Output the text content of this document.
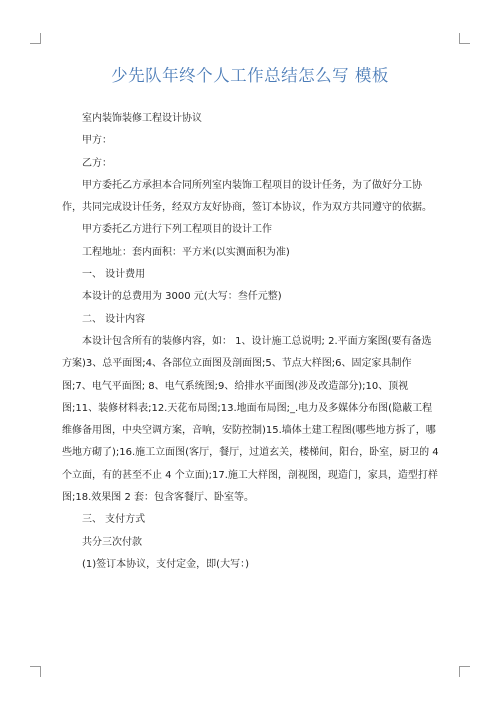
少先队年终个人工作总结怎么写 模板

室内装饰装修工程设计协议

甲方：

乙方：

甲方委托乙方承担本合同所列室内装饰工程项目的设计任务，为了做好分工协作，共同完成设计任务，经双方友好协商，签订本协议，作为双方共同遵守的依据。

甲方委托乙方进行下列工程项目的设计工作

工程地址：套内面积：平方米(以实测面积为准)

一、 设计费用

本设计的总费用为 3000 元(大写：叁仟元整)

二、 设计内容

本设计包含所有的装修内容，如： 1、设计施工总说明; 2.平面方案图(要有备选方案)3、总平面图;4、各部位立面图及剖面图;5、节点大样图;6、固定家具制作图;7、电气平面图; 8、电气系统图;9、给排水平面图(涉及改造部分);10、顶视图;11、装修材料表;12.天花布局图;13.地面布局图;_.电力及多媒体分布图(隐蔽工程维修备用图，中央空调方案，音响，安防控制)15.墙体土建工程图(哪些地方拆了，哪些地方砌了);16.施工立面图(客厅，餐厅，过道玄关，楼梯间，阳台，卧室，厨卫的 4 个立面，有的甚至不止 4 个立面);17.施工大样图，剖视图，现造门，家具，造型打样图;18.效果图 2 套：包含客餐厅、卧室等。

三、 支付方式

共分三次付款

(1)签订本协议，支付定金，即(大写：)
